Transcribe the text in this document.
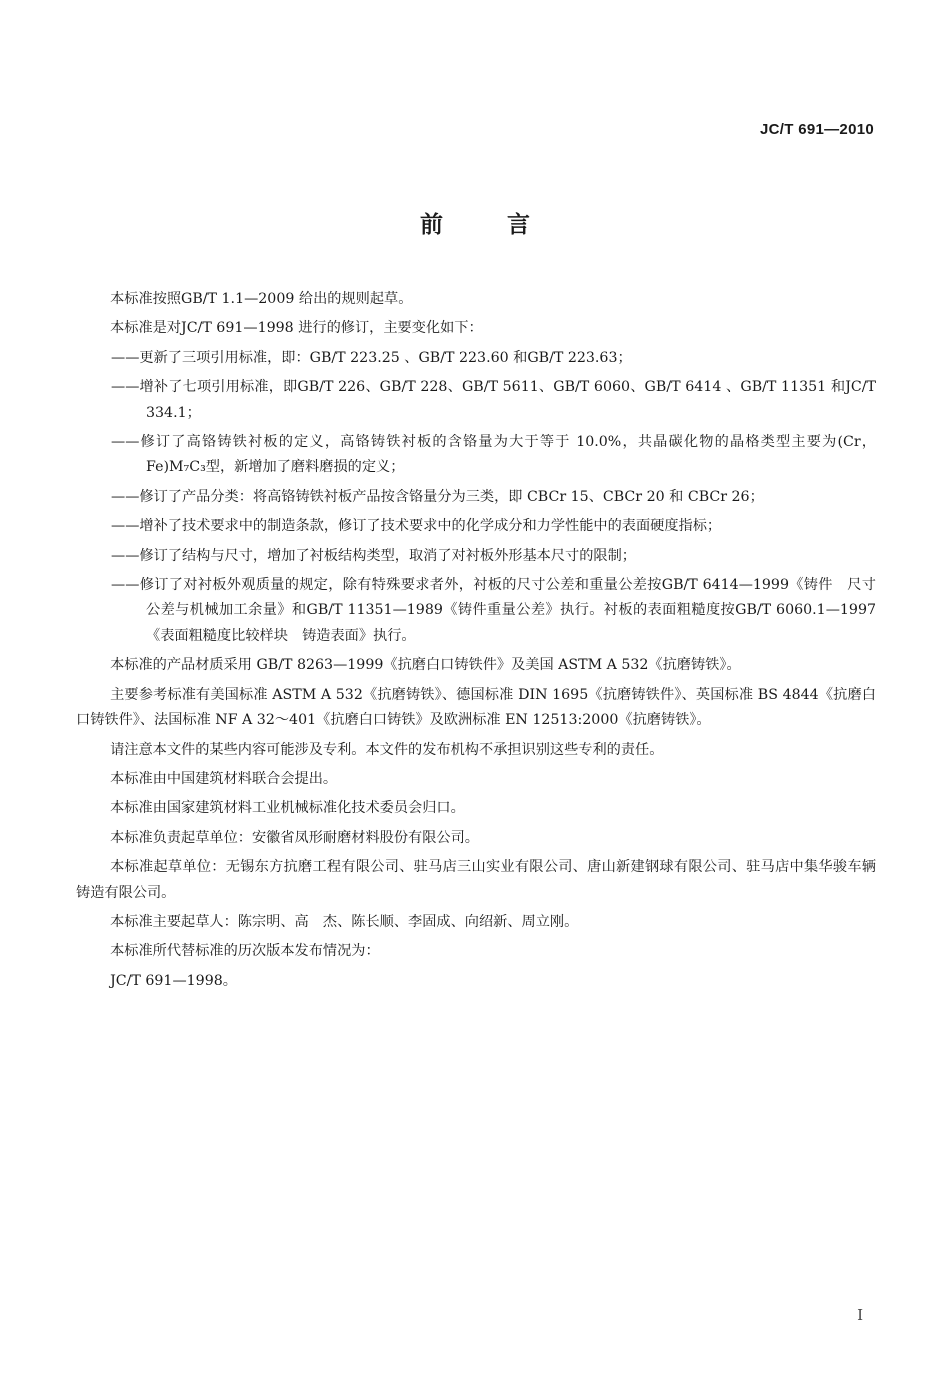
JC/T 691—2010
前 言

本标准按照GB/T 1.1—2009 给出的规则起草。

本标准是对JC/T 691—1998 进行的修订，主要变化如下：

——更新了三项引用标准，即：GB/T 223.25 、GB/T 223.60 和GB/T 223.63；

——增补了七项引用标准，即GB/T 226、GB/T 228、GB/T 5611、GB/T 6060、GB/T 6414 、GB/T 11351 和JC/T 334.1；

——修订了高铬铸铁衬板的定义，高铬铸铁衬板的含铬量为大于等于 10.0%，共晶碳化物的晶格类型主要为(Cr，Fe)M₇C₃型，新增加了磨料磨损的定义；

——修订了产品分类：将高铬铸铁衬板产品按含铬量分为三类，即 CBCr 15、CBCr 20 和 CBCr 26；

——增补了技术要求中的制造条款，修订了技术要求中的化学成分和力学性能中的表面硬度指标；

——修订了结构与尺寸，增加了衬板结构类型，取消了对衬板外形基本尺寸的限制；

——修订了对衬板外观质量的规定，除有特殊要求者外，衬板的尺寸公差和重量公差按GB/T 6414—1999《铸件　尺寸公差与机械加工余量》和GB/T 11351—1989《铸件重量公差》执行。衬板的表面粗糙度按GB/T 6060.1—1997《表面粗糙度比较样块　铸造表面》执行。

本标准的产品材质采用 GB/T 8263—1999《抗磨白口铸铁件》及美国 ASTM A 532《抗磨铸铁》。

主要参考标准有美国标准 ASTM A 532《抗磨铸铁》、德国标准 DIN 1695《抗磨铸铁件》、英国标准 BS 4844《抗磨白口铸铁件》、法国标准 NF A 32～401《抗磨白口铸铁》及欧洲标准 EN 12513:2000《抗磨铸铁》。

请注意本文件的某些内容可能涉及专利。本文件的发布机构不承担识别这些专利的责任。

本标准由中国建筑材料联合会提出。

本标准由国家建筑材料工业机械标准化技术委员会归口。

本标准负责起草单位：安徽省凤形耐磨材料股份有限公司。

本标准起草单位：无锡东方抗磨工程有限公司、驻马店三山实业有限公司、唐山新建钢球有限公司、驻马店中集华骏车辆铸造有限公司。

本标准主要起草人：陈宗明、高　杰、陈长顺、李固成、向绍新、周立刚。

本标准所代替标准的历次版本发布情况为：

JC/T 691—1998。

I
